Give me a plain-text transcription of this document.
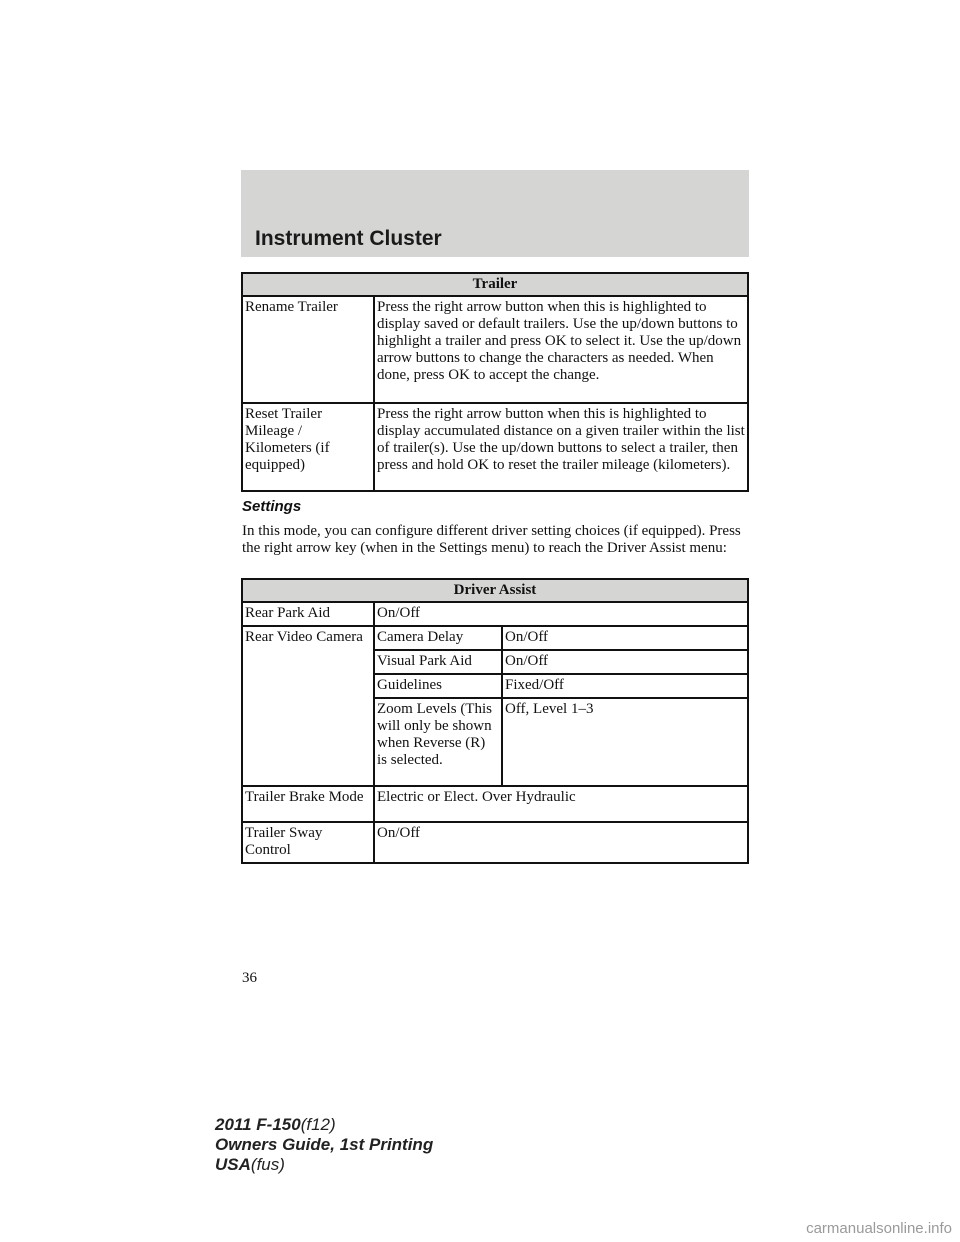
Instrument Cluster
Trailer	
Rename Trailer	Press the right arrow button when this is highlighted to display saved or default trailers. Use the up/down buttons to highlight a trailer and press OK to select it. Use the up/down arrow buttons to change the characters as needed. When done, press OK to accept the change.
Reset Trailer Mileage / Kilometers (if equipped)	Press the right arrow button when this is highlighted to display accumulated distance on a given trailer within the list of trailer(s). Use the up/down buttons to select a trailer, then press and hold OK to reset the trailer mileage (kilometers).
Settings
In this mode, you can configure different driver setting choices (if equipped). Press the right arrow key (when in the Settings menu) to reach the Driver Assist menu:
Driver Assist		
Rear Park Aid	On/Off	
Rear Video Camera	Camera Delay	On/Off
	Visual Park Aid	On/Off
	Guidelines	Fixed/Off
	Zoom Levels (This will only be shown when Reverse (R) is selected.	Off, Level 1–3
Trailer Brake Mode	Electric or Elect. Over Hydraulic	
Trailer Sway Control	On/Off	
36
2011 F-150(f12)
Owners Guide, 1st Printing
USA(fus)
carmanualsonline.info
